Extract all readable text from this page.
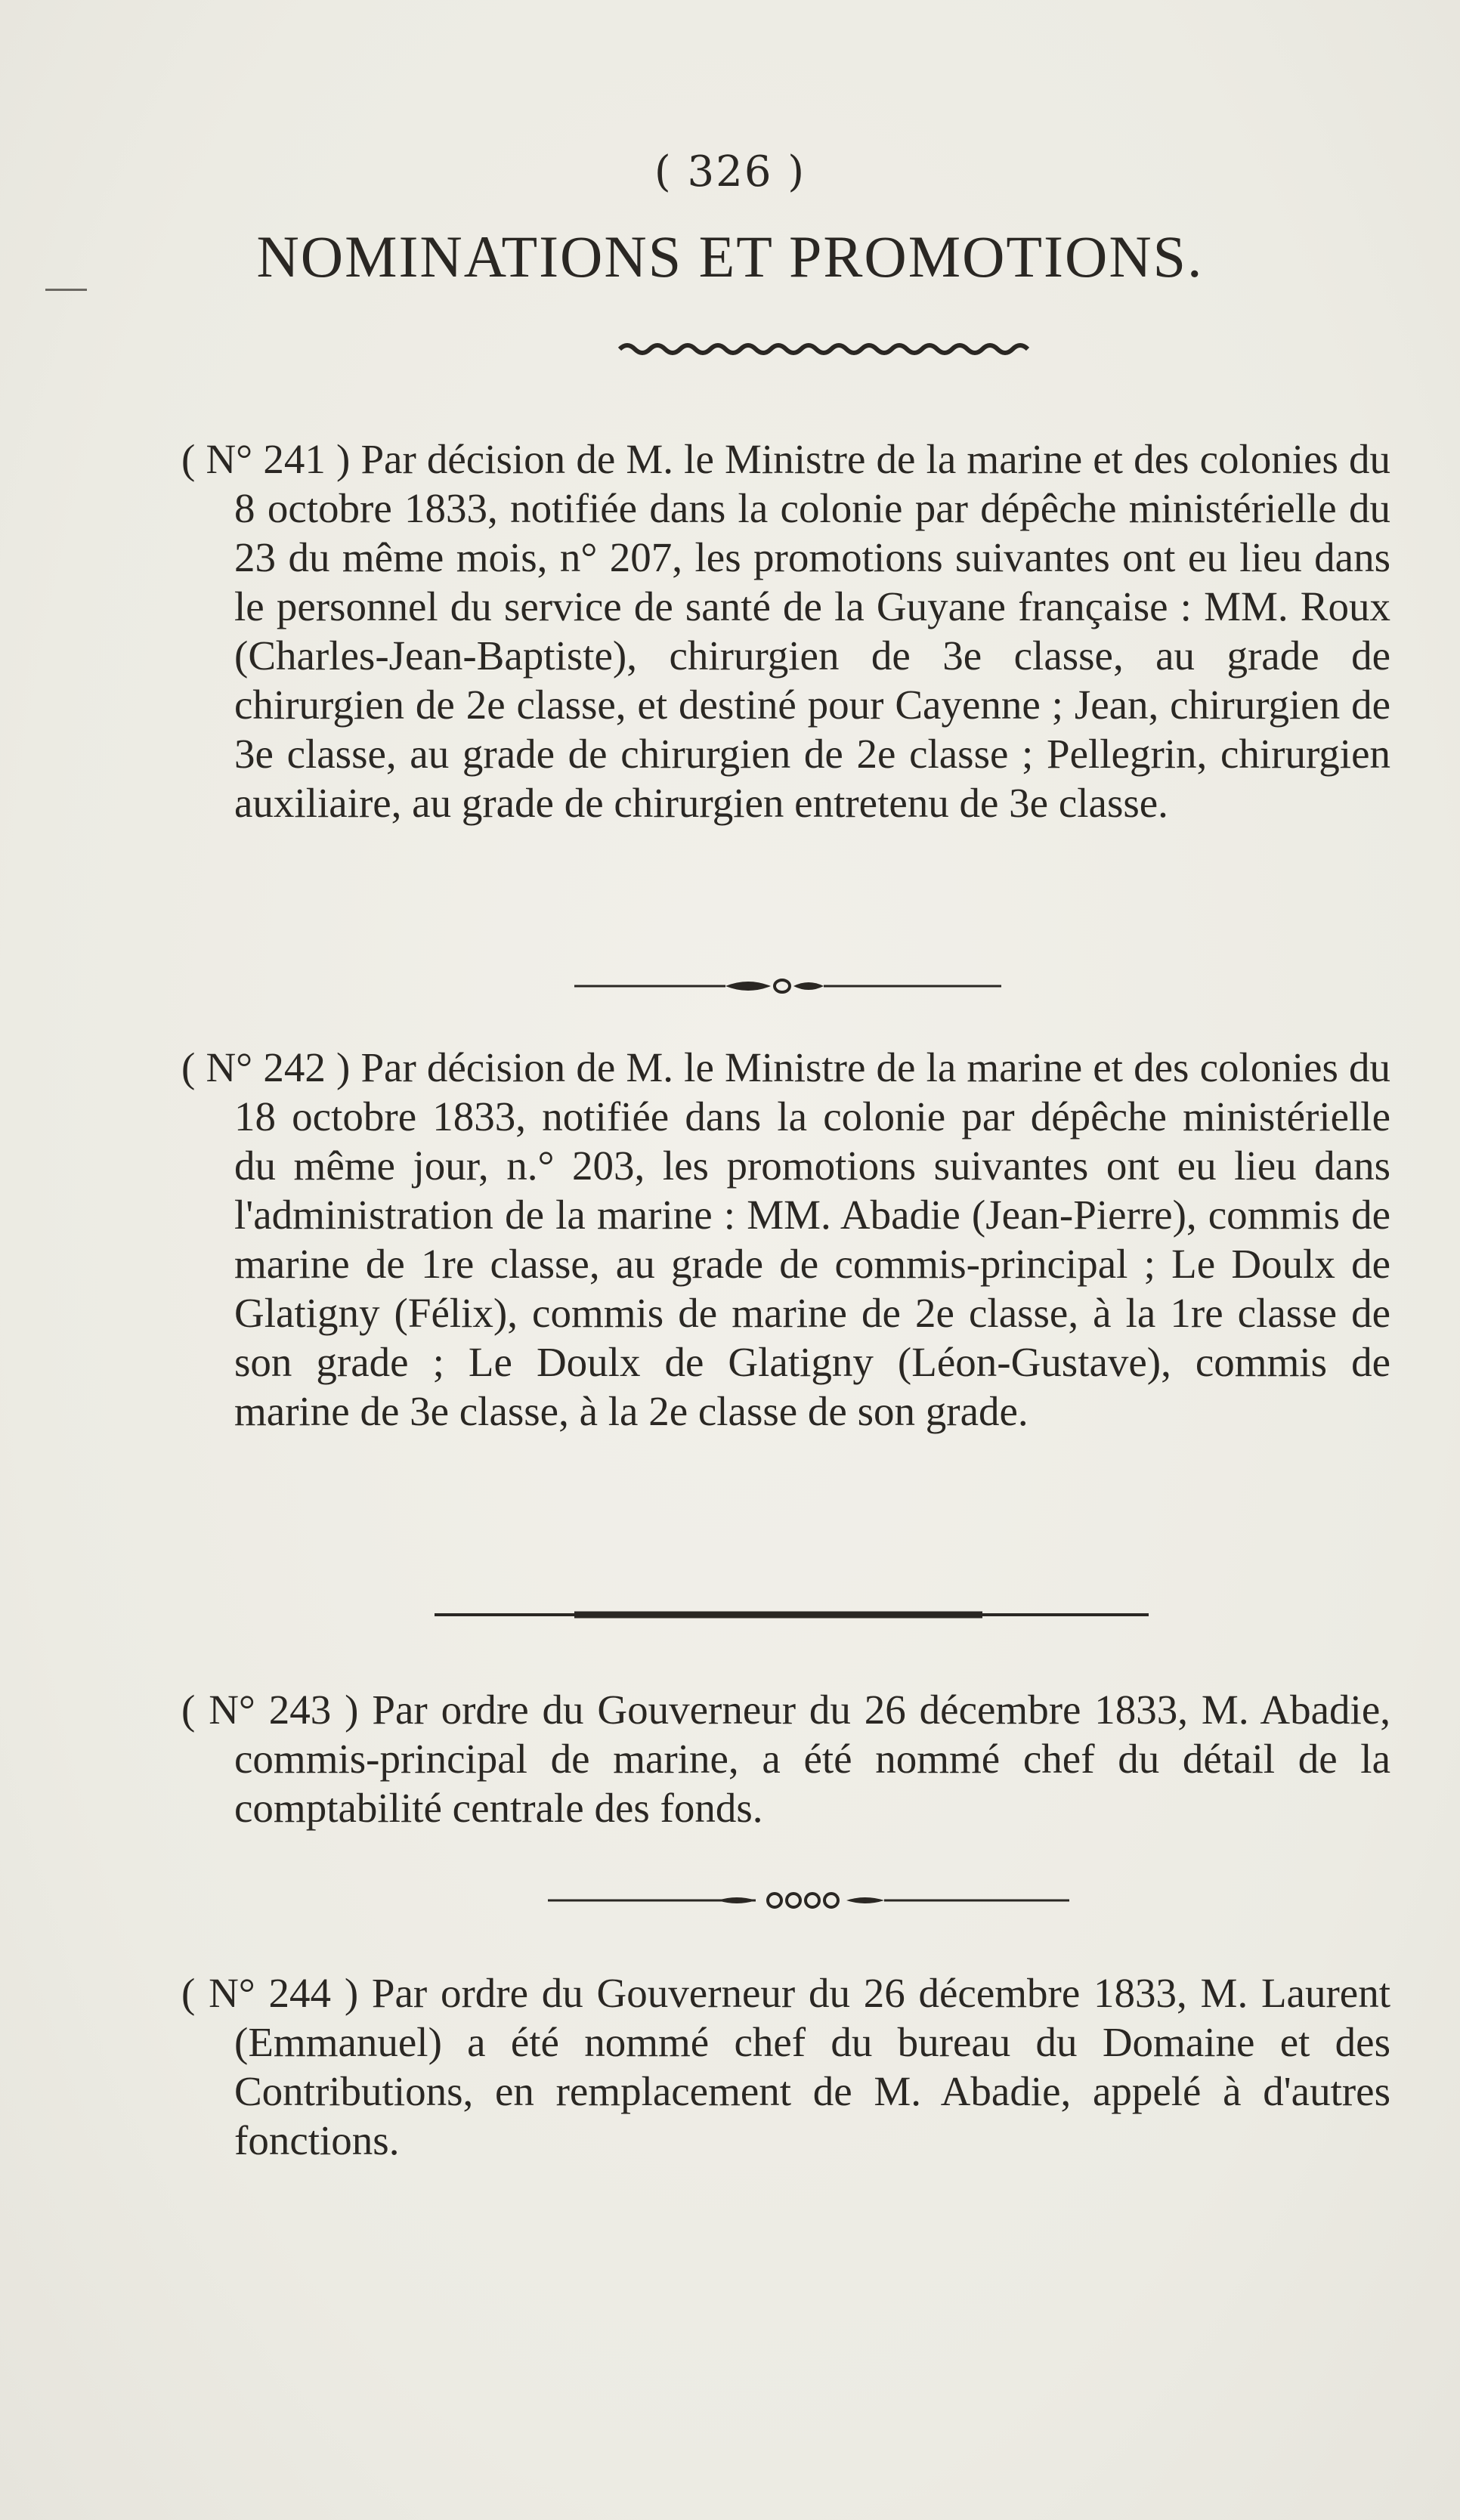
( 326 )
NOMINATIONS ET PROMOTIONS.
( N° 241 ) Par décision de M. le Ministre de la marine et des colonies du 8 octobre 1833, notifiée dans la colonie par dépêche ministérielle du 23 du même mois, n° 207, les promotions suivantes ont eu lieu dans le personnel du service de santé de la Guyane française : MM. Roux (Charles-Jean-Baptiste), chirurgien de 3e classe, au grade de chirurgien de 2e classe, et destiné pour Cayenne ; Jean, chirurgien de 3e classe, au grade de chirurgien de 2e classe ; Pellegrin, chirurgien auxiliaire, au grade de chirurgien entretenu de 3e classe.
( N° 242 ) Par décision de M. le Ministre de la marine et des colonies du 18 octobre 1833, notifiée dans la colonie par dépêche ministérielle du même jour, n.° 203, les promotions suivantes ont eu lieu dans l'administration de la marine : MM. Abadie (Jean-Pierre), commis de marine de 1re classe, au grade de commis-principal ; Le Doulx de Glatigny (Félix), commis de marine de 2e classe, à la 1re classe de son grade ; Le Doulx de Glatigny (Léon-Gustave), commis de marine de 3e classe, à la 2e classe de son grade.
( N° 243 ) Par ordre du Gouverneur du 26 décembre 1833, M. Abadie, commis-principal de marine, a été nommé chef du détail de la comptabilité centrale des fonds.
( N° 244 ) Par ordre du Gouverneur du 26 décembre 1833, M. Laurent (Emmanuel) a été nommé chef du bureau du Domaine et des Contributions, en remplacement de M. Abadie, appelé à d'autres fonctions.
